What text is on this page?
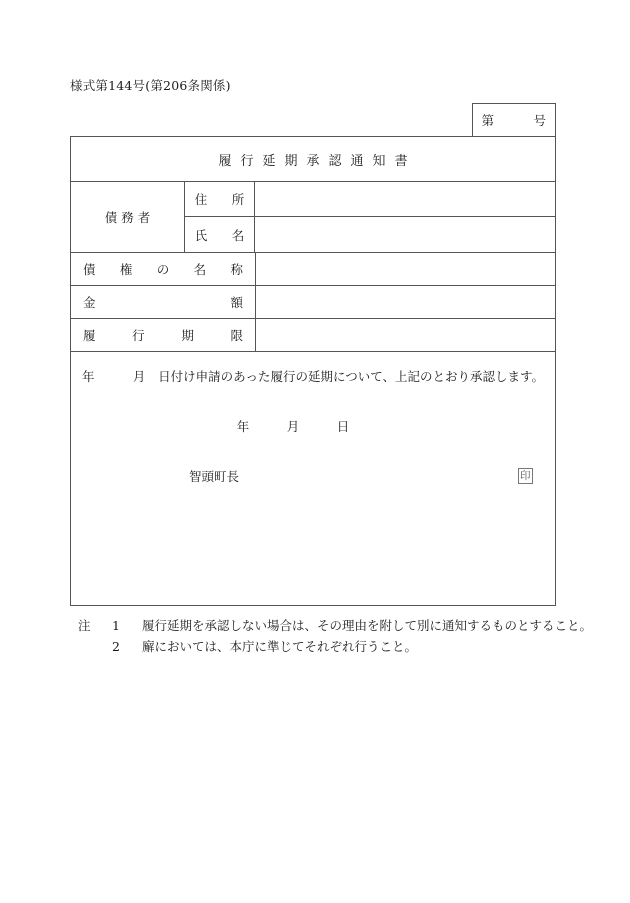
様式第144号(第206条関係)
第　　　号
履行延期承認通知書
債務者
住　所
氏　名
債権の名称
金額
履行期限
年　　　月　日付け申請のあった履行の延期について、上記のとおり承認します。
年　　　月　　　日
智頭町長	印
注	1	履行延期を承認しない場合は、その理由を附して別に通知するものとすること。
2	廨においては、本庁に準じてそれぞれ行うこと。
